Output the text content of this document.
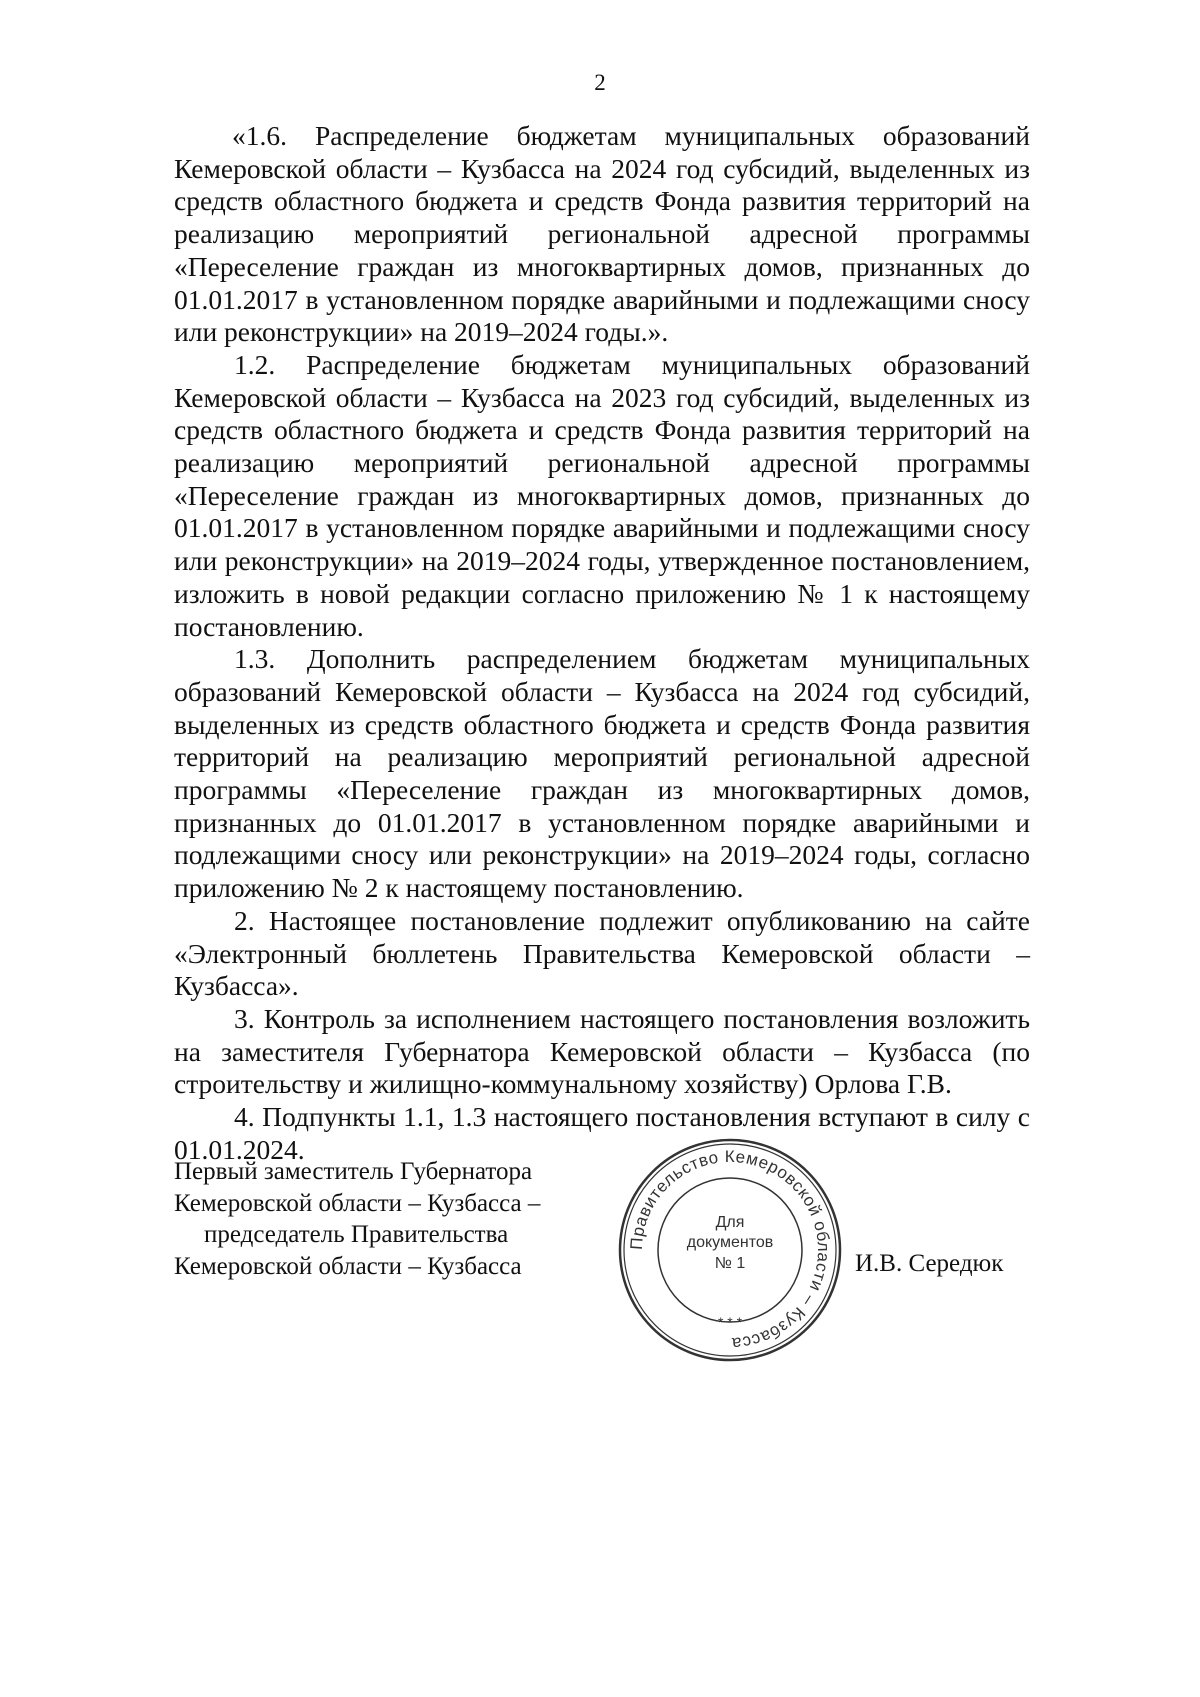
2

«1.6. Распределение бюджетам муниципальных образований Кемеровской области – Кузбасса на 2024 год субсидий, выделенных из средств областного бюджета и средств Фонда развития территорий на реализацию мероприятий региональной адресной программы «Переселение граждан из многоквартирных домов, признанных до 01.01.2017 в установленном порядке аварийными и подлежащими сносу или реконструкции» на 2019–2024 годы.».

1.2. Распределение бюджетам муниципальных образований Кемеровской области – Кузбасса на 2023 год субсидий, выделенных из средств областного бюджета и средств Фонда развития территорий на реализацию мероприятий региональной адресной программы «Переселение граждан из многоквартирных домов, признанных до 01.01.2017 в установленном порядке аварийными и подлежащими сносу или реконструкции» на 2019–2024 годы, утвержденное постановлением, изложить в новой редакции согласно приложению № 1 к настоящему постановлению.

1.3. Дополнить распределением бюджетам муниципальных образований Кемеровской области – Кузбасса на 2024 год субсидий, выделенных из средств областного бюджета и средств Фонда развития территорий на реализацию мероприятий региональной адресной программы «Переселение граждан из многоквартирных домов, признанных до 01.01.2017 в установленном порядке аварийными и подлежащими сносу или реконструкции» на 2019–2024 годы, согласно приложению № 2 к настоящему постановлению.

2. Настоящее постановление подлежит опубликованию на сайте «Электронный бюллетень Правительства Кемеровской области – Кузбасса».

3. Контроль за исполнением настоящего постановления возложить на заместителя Губернатора Кемеровской области – Кузбасса (по строительству и жилищно-коммунальному хозяйству) Орлова Г.В.

4. Подпункты 1.1, 1.3 настоящего постановления вступают в силу с 01.01.2024.

Первый заместитель Губернатора
Кемеровской области – Кузбасса –
председатель Правительства
Кемеровской области – Кузбасса
Правительство Кемеровской области – Кузбасса
* * *
Для
документов
№ 1	И.В. Середюк
